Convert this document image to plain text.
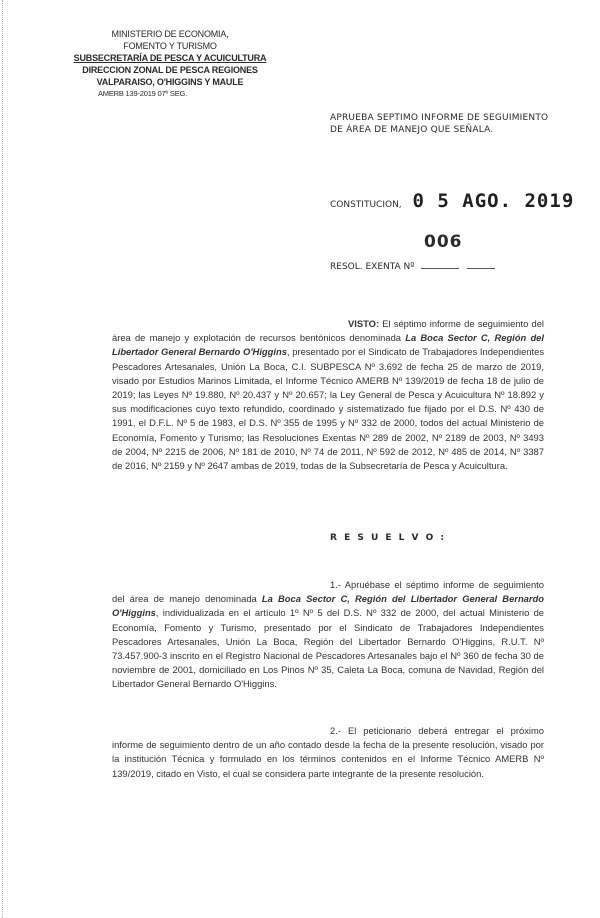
MINISTERIO DE ECONOMIA,
FOMENTO Y TURISMO
SUBSECRETARÍA DE PESCA Y ACUICULTURA
DIRECCION ZONAL DE PESCA REGIONES
VALPARAISO, O'HIGGINS Y MAULE
AMERB 139-2019 07º SEG.
APRUEBA SEPTIMO INFORME DE SEGUIMIENTO
DE ÁREA DE MANEJO QUE SEÑALA.
CONSTITUCION, 0 5 AGO. 2019
006
RESOL. EXENTA Nº
VISTO: El séptimo informe de seguimiento del área de manejo y explotación de recursos bentónicos denominada La Boca Sector C, Región del Libertador General Bernardo O'Higgins, presentado por el Sindicato de Trabajadores Independientes Pescadores Artesanales, Unión La Boca, C.I. SUBPESCA Nº 3.692 de fecha 25 de marzo de 2019, visado por Estudios Marinos Limitada, el Informe Técnico AMERB Nº 139/2019 de fecha 18 de julio de 2019; las Leyes Nº 19.880, Nº 20.437 y Nº 20.657; la Ley General de Pesca y Acuicultura Nº 18.892 y sus modificaciones cuyo texto refundido, coordinado y sistematizado fue fijado por el D.S. Nº 430 de 1991, el D.F.L. Nº 5 de 1983, el D.S. Nº 355 de 1995 y Nº 332 de 2000, todos del actual Ministerio de Economía, Fomento y Turismo; las Resoluciones Exentas Nº 289 de 2002, Nº 2189 de 2003, Nº 3493 de 2004, Nº 2215 de 2006, Nº 181 de 2010, Nº 74 de 2011, Nº 592 de 2012, Nº 485 de 2014, Nº 3387 de 2016, Nº 2159 y Nº 2647 ambas de 2019, todas de la Subsecretaría de Pesca y Acuicultura.
R E S U E L V O :
1.- Apruébase el séptimo informe de seguimiento del área de manejo denominada La Boca Sector C, Región del Libertador General Bernardo O'Higgins, individualizada en el artículo 1º Nº 5 del D.S. Nº 332 de 2000, del actual Ministerio de Economía, Fomento y Turismo, presentado por el Sindicato de Trabajadores Independientes Pescadores Artesanales, Unión La Boca, Región del Libertador Bernardo O'Higgins, R.U.T. Nº 73.457.900-3 inscrito en el Registro Nacional de Pescadores Artesanales bajo el Nº 360 de fecha 30 de noviembre de 2001, domiciliado en Los Pinos Nº 35, Caleta La Boca, comuna de Navidad, Región del Libertador General Bernardo O'Higgins.
2.- El peticionario deberá entregar el próximo informe de seguimiento dentro de un año contado desde la fecha de la presente resolución, visado por la institución Técnica y formulado en los términos contenidos en el Informe Técnico AMERB Nº 139/2019, citado en Visto, el cual se considera parte integrante de la presente resolución.
